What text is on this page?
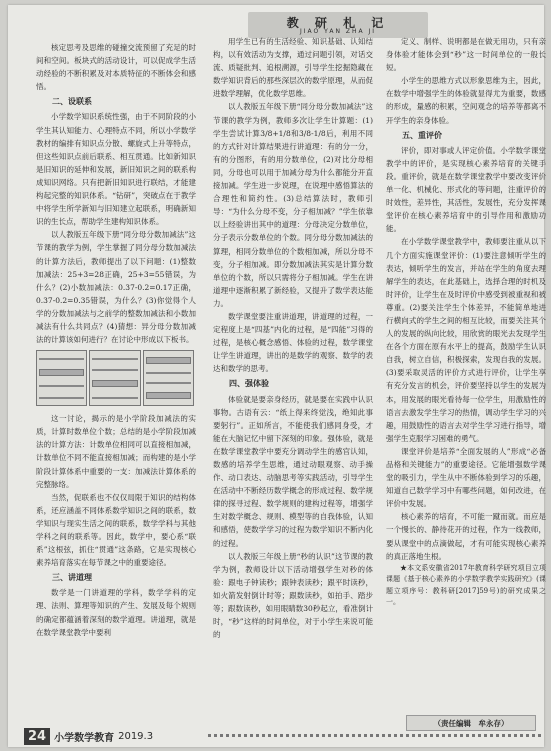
教 研 札 记
JIAO YAN ZHA JI

核定思考及思维的碰撞交流预留了充足的时间和空间。板块式的活动设计，可以促成学生活动经验的不断积累及对本质特征的不断体会和感悟。

二、设联系

小学数学知识系统性强，由于不同阶段的小学生其认知能力、心理特点不同，所以小学数学教材的编排有知识点分散、螺旋式上升等特点，但这些知识点前后联系、相互贯通。比如新知识是旧知识的延伸和发展，新旧知识之间的联系构成知识网络。只有把新旧知识进行联结，才能建构起完整的知识体系。“钻研”，突破点在于教学中将学生所学新知与旧知建立起联系，明确新知识的生长点，帮助学生建构知识体系。

以人教版五年级下册“同分母分数加减法”这节课的教学为例，学生掌握了同分母分数加减法的计算方法后，教师提出了以下问题：(1)整数加减法：25+3=28正确，25+3=55错误，为什么？(2)小数加减法：0.37-0.2=0.17正确，0.37-0.2=0.35错误，为什么？(3)你觉得个人学的分数加减法与之前学的整数加减法和小数加减法有什么共同点？(4)猜想：异分母分数加减法的计算该如何进行？在讨论中形成以下板书。

这一讨论，揭示的是小学阶段加减法的实质，计算时数单位个数；总结的是小学阶段加减法的计算方法：计数单位相同可以直接相加减，计数单位不同不能直接相加减；而构建的是小学阶段计算体系中重要的一支：加减法计算体系的完整脉络。

当然，促联系也不仅仅局限于知识的结构体系，还应涵盖不同体系数学知识之间的联系，数学知识与现实生活之间的联系，数学学科与其他学科之间的联系等。因此，数学中，要心系“联系”这根弦，抓住“贯通”这条路，它是实现核心素养培育落实在每节课之中的重要途径。

三、讲道理

数学是一门讲道理的学科，数学学科的定理、法则、算理等知识的产生、发展及每个规则的确定都蕴涵着深刻的数学道理。讲道理，就是在数学课堂教学中要利

用学生已有的生活经验、知识基础、认知结构，以有效活动为支撑，通过问题引领，对话交流、质疑批判、追根溯源，引导学生挖掘隐藏在数学知识背后的那些深层次的数学原理，从而促进数学理解，优化数学思维。

以人教版五年级下册“同分母分数加减法”这节课的教学为例，教师多次让学生计算题：(1)学生尝试计算3/8+1/8和3/8-1/8后，利用不同的方式针对计算结果进行讲道理：有的分一分，有的分图形，有的用分数单位，(2)对比分母相同，分母也可以用于加减分母为什么都能分开直接加减。学生进一步说理，在说理中感悟算法的合理性和简约性。(3)总结算法时，教师引导：“为什么分母不变，分子相加减？”学生依靠以上经验讲出其中的道理：分母决定分数单位，分子表示分数单位的个数。同分母分数加减法的算理，相同分数单位的个数相加减，所以分母不变，分子相加减。即分数加减法其实是计算分数单位的个数，所以只需将分子相加减。学生在讲道理中逐渐积累了新经验，又提升了数学表达能力。

数学课堂要注重讲道理，讲道理的过程，一定程度上是“四基”内化的过程，是“四能”习得的过程，是核心概念感悟、体验的过程，数学课堂让学生讲道理，讲出的是数学的观察、数学的表达和数学的思考。

四、强体验

体验就是要亲身经历，就是要在实践中认识事物。古语有云：“纸上得来终觉浅，绝知此事要躬行”。正如所言，不能使我们感同身受，才能在大脑记忆中留下深刻的印象。强体验，就是在数学课堂教学中要充分调动学生的感官认知，数感的培养学生思维，通过动眼观察、动手操作、动口表达、动脑思考等实践活动，引导学生在活动中不断经历数学概念的形成过程、数学规律的探寻过程、数学规则的建构过程等，增强学生对数学概念、规则、模型等的自我体验，认知和感悟，使数学学习的过程为数学知识不断内化的过程。

以人教版三年级上册“秒的认识”这节课的教学为例，教师设计以下活动增强学生对秒的体验：跟电子钟读秒；跟钟表读秒；跟平时读秒，如火箭发射倒计时等；跟数读秒，如拍手、踏步等；跟数读秒，如用眼睛数30秒起立，看准倒计时，“秒”这样的时间单位，对于小学生来说可能的

定义、制样、说明都是在做无用功，只有亲身体验才能体会到“秒”这一时间单位的一般长短。

小学生的思维方式以形象思维为主，因此，在数学中增强学生的体验就显得尤为重要，数感的形成，量感的积累，空间观念的培养等都离不开学生的亲身体验。

五、重评价

评价，即对事或人评定价值。小学数学课堂教学中的评价，是实现核心素养培育的关键手段。重评价，就是在数学课堂教学中要改变评价单一化、机械化、形式化的等问题，注重评价的时效性，差异性，其活性，发展性，充分发挥课堂评价在核心素养培育中的引导作用和激励功能。

在小学数学课堂教学中，教师要注重从以下几个方面实施课堂评价：(1)要注意倾听学生的表达，倾听学生的发言，并站在学生的角度去理解学生的表达，在此基础上，选择合理的时机及时评价，让学生在及时评价中感受到被重视和被尊重。(2)要关注学生个体差异，不能简单地进行横向式的学生之间的相互比较，而要关注其个人的发展的纵向比较，用欣赏的眼光去发现学生在各个方面在原有水平上的提高，鼓励学生认识自我，树立自信，积极探索，发现自我的发展。(3)要采取灵活的评价方式进行评价，让学生享有充分发言的机会，评价要坚持以学生的发展为本，用发展的眼光看待每一位学生，用激励性的语言去激发学生学习的热情，调动学生学习的兴趣，用鼓励性的语言去对学生学习进行指导，增强学生克服学习困难的勇气。

课堂评价是培养“全面发展的人”形成“必备品格和关键能力”的重要途径。它能增强数学课堂的吸引力，学生从中不断体验到学习的乐趣，知道自己数学学习中有哪些问题，如何改进，在评价中发展。

核心素养的培育，不可能一蹴而就。而应是一个慢长的、静待花开的过程，作为一线教师，要从课堂中的点滴做起，才有可能实现核心素养的真正落地生根。

★本文系安徽省2017年教育科学研究项目立项课题《基于核心素养的小学数学教学实践研究》(课题立项序号：教科研[2017]59号)的研究成果之一。

（责任编辑　牟永存）
24 小学数学教育 2019.3
